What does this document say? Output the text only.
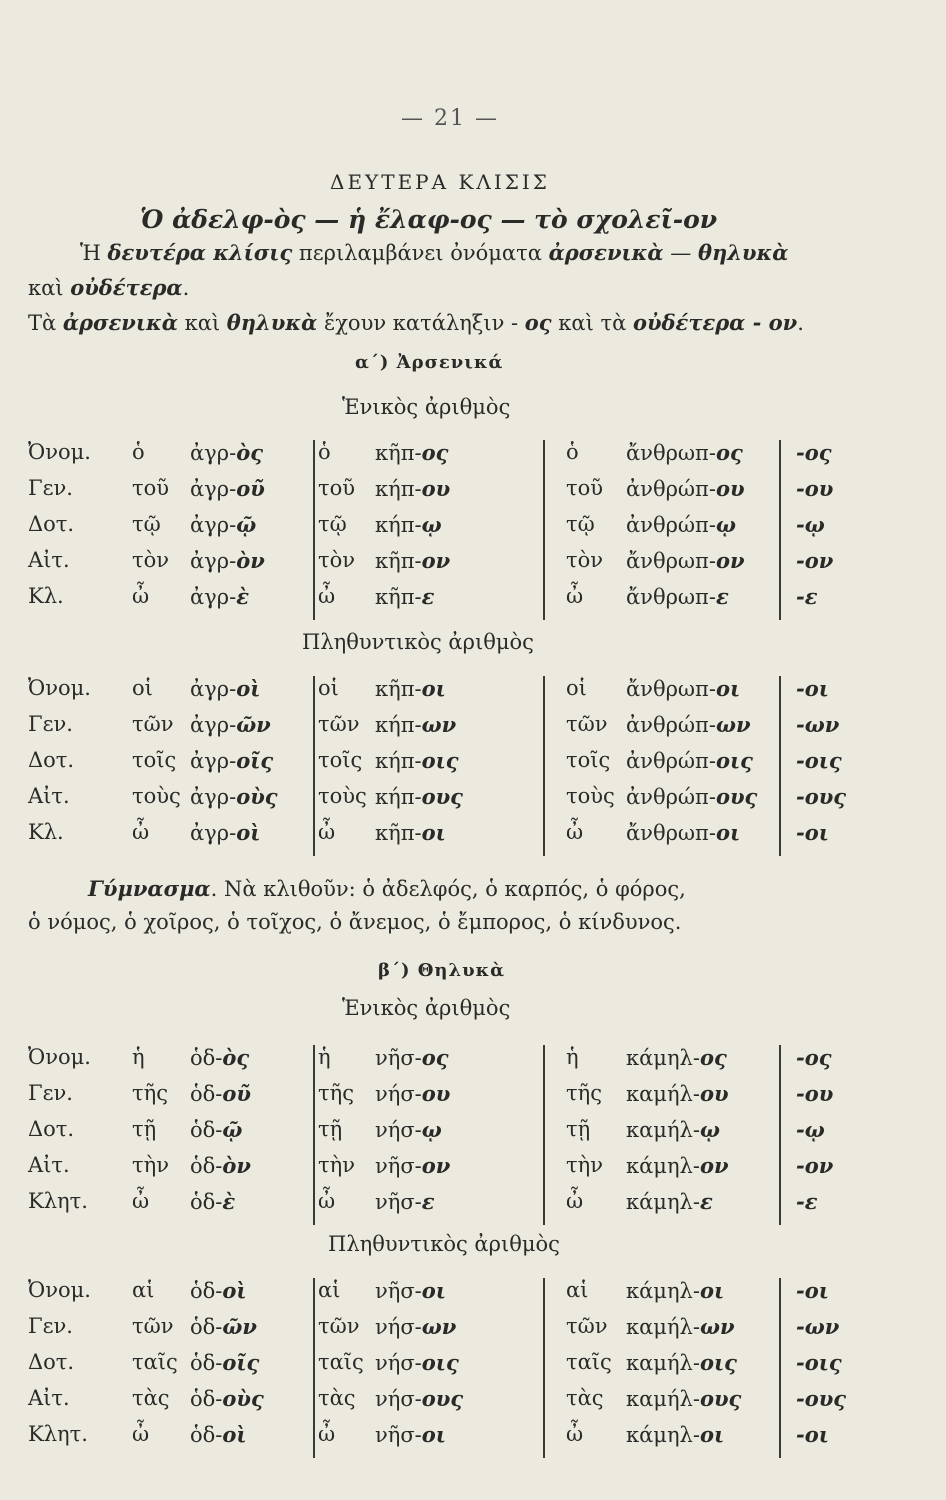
— 21 —
ΔΕΥΤΕΡΑ ΚΛΙΣΙΣ
Ὁ ἀδελφ-ὸς — ἡ ἔλαφ-ος — τὸ σχολεῖ-ον
Ἡ δευτέρα κλίσις περιλαμβάνει ὀνόματα ἀρσενικὰ — θηλυκὰ
καὶ οὐδέτερα.
Τὰ ἀρσενικὰ καὶ θηλυκὰ ἔχουν κατάληξιν - ος καὶ τὰ οὐδέτερα - ον.
α΄) Ἀρσενικά
Ἑνικὸς ἀριθμὸς
Ὀνομ. ὁ ἀγρ-ὸς	ὁ κῆπ-ος	ὁ ἄνθρωπ-ος	-ος
Γεν.	τοῦ ἀγρ-οῦ	τοῦ κήπ-ου	τοῦ ἀνθρώπ-ου -ου
Δοτ.	τῷ ἀγρ-ῷ	τῷ κήπ-ῳ	τῷ ἀνθρώπ-ῳ	-ῳ
Αἰτ.	τὸν ἀγρ-ὸν	τὸν κῆπ-ον	τὸν ἄνθρωπ-ον -ον
Κλ.	ὦ ἀγρ-ὲ	ὦ κῆπ-ε	ὦ ἄνθρωπ-ε	-ε
Πληθυντικὸς ἀριθμὸς
Ὀνομ. οἱ ἀγρ-οὶ	οἱ κῆπ-οι	οἱ ἄνθρωπ-οι	-οι
Γεν.	τῶν ἀγρ-ῶν τῶν κήπ-ων	τῶν ἀνθρώπ-ων -ων
Δοτ.	τοῖς ἀγρ-οῖς τοῖς κήπ-οις	τοῖς ἀνθρώπ-οις -οις
Αἰτ.	τοὺς ἀγρ-οὺς τοὺς κήπ-ους	τοὺς ἀνθρώπ-ους -ους
Κλ.	ὦ ἀγρ-οὶ	ὦ κῆπ-οι	ὦ ἄνθρωπ-οι	-οι
Γύμνασμα. Νὰ κλιθοῦν: ὁ ἀδελφός, ὁ καρπός, ὁ φόρος,
ὁ νόμος, ὁ χοῖρος, ὁ τοῖχος, ὁ ἄνεμος, ὁ ἔμπορος, ὁ κίνδυνος.
β΄) Θηλυκὰ
Ἑνικὸς ἀριθμὸς
Ὀνομ. ἡ ὁδ-ὸς	ἡ νῆσ-ος	ἡ κάμηλ-ος	-ος
Γεν.	τῆς ὁδ-οῦ	τῆς νήσ-ου	τῆς καμήλ-ου	-ου
Δοτ.	τῇ ὁδ-ῷ	τῇ νήσ-ῳ	τῇ καμήλ-ῳ	-ῳ
Αἰτ.	τὴν ὁδ-ὸν	τὴν νῆσ-ον	τὴν κάμηλ-ον	-ον
Κλητ. ὦ ὁδ-ὲ	ὦ νῆσ-ε	ὦ κάμηλ-ε	-ε
Πληθυντικὸς ἀριθμὸς
Ὀνομ. αἱ ὁδ-οὶ	αἱ νῆσ-οι	αἱ κάμηλ-οι	-οι
Γεν.	τῶν ὁδ-ῶν	τῶν νήσ-ων	τῶν καμήλ-ων	-ων
Δοτ.	ταῖς ὁδ-οῖς	ταῖς νήσ-οις	ταῖς καμήλ-οις	-οις
Αἰτ.	τὰς ὁδ-οὺς	τὰς νήσ-ους	τὰς καμήλ-ους	-ους
Κλητ. ὦ ὁδ-οὶ	ὦ νῆσ-οι	ὦ κάμηλ-οι	-οι
